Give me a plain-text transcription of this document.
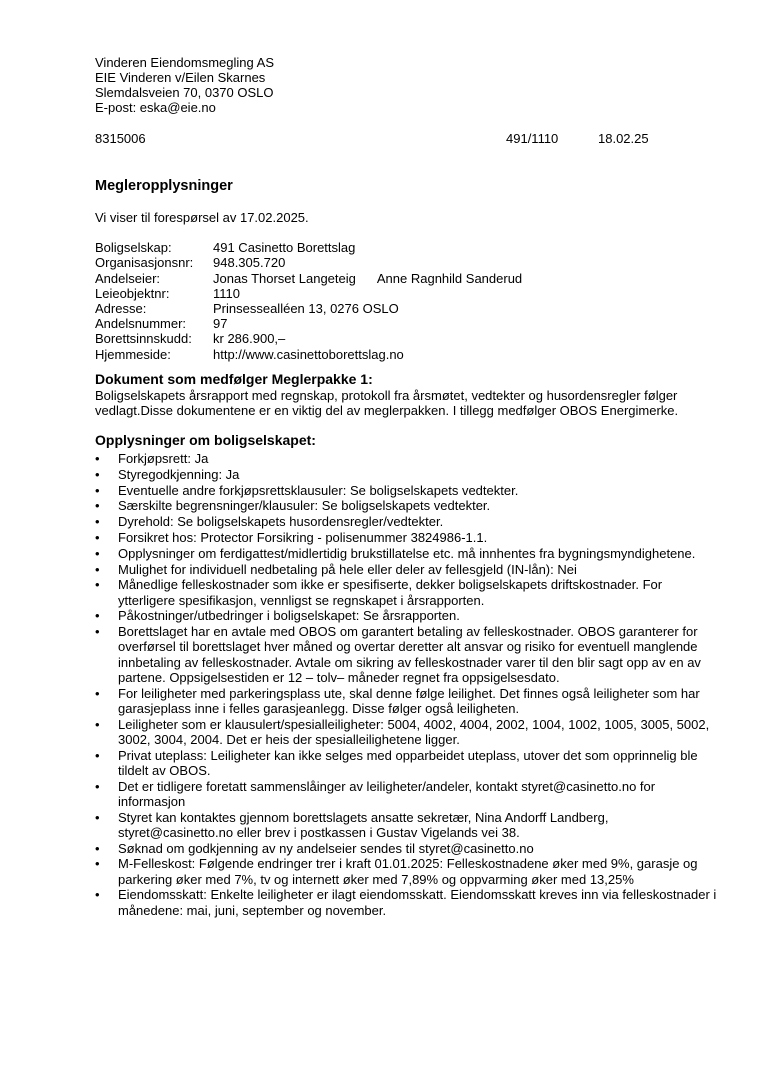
Vinderen Eiendomsmegling AS
EIE Vinderen v/Eilen Skarnes
Slemdalsveien 70, 0370 OSLO
E-post: eska@eie.no
8315006	491/1110	18.02.25
Megleropplysninger
Vi viser til forespørsel av 17.02.2025.
Boligselskap:	491 Casinetto Borettslag
Organisasjonsnr:	948.305.720
Andelseier:	Jonas Thorset Langeteig Anne Ragnhild Sanderud
Leieobjektnr:	1110
Adresse:	Prinsessealléen 13, 0276 OSLO
Andelsnummer:	97
Borettsinnskudd:	kr 286.900,–
Hjemmeside:	http://www.casinettoborettslag.no
Dokument som medfølger Meglerpakke 1:
Boligselskapets årsrapport med regnskap, protokoll fra årsmøtet, vedtekter og husordensregler følger
vedlagt.Disse dokumentene er en viktig del av meglerpakken. I tillegg medfølger OBOS Energimerke.
Opplysninger om boligselskapet:
• Forkjøpsrett: Ja
• Styregodkjenning: Ja
• Eventuelle andre forkjøpsrettsklausuler: Se boligselskapets vedtekter.
• Særskilte begrensninger/klausuler: Se boligselskapets vedtekter.
• Dyrehold: Se boligselskapets husordensregler/vedtekter.
• Forsikret hos: Protector Forsikring - polisenummer 3824986-1.1.
• Opplysninger om ferdigattest/midlertidig brukstillatelse etc. må innhentes fra bygningsmyndighetene.
• Mulighet for individuell nedbetaling på hele eller deler av fellesgjeld (IN-lån): Nei
• Månedlige felleskostnader som ikke er spesifiserte, dekker boligselskapets driftskostnader. For
ytterligere spesifikasjon, vennligst se regnskapet i årsrapporten.
• Påkostninger/utbedringer i boligselskapet: Se årsrapporten.
• Borettslaget har en avtale med OBOS om garantert betaling av felleskostnader. OBOS garanterer for
overførsel til borettslaget hver måned og overtar deretter alt ansvar og risiko for eventuell manglende
innbetaling av felleskostnader. Avtale om sikring av felleskostnader varer til den blir sagt opp av en av
partene. Oppsigelsestiden er 12 – tolv– måneder regnet fra oppsigelsesdato.
• For leiligheter med parkeringsplass ute, skal denne følge leilighet. Det finnes også leiligheter som har
garasjeplass inne i felles garasjeanlegg. Disse følger også leiligheten.
• Leiligheter som er klausulert/spesialleiligheter: 5004, 4002, 4004, 2002, 1004, 1002, 1005, 3005, 5002,
3002, 3004, 2004. Det er heis der spesialleilighetene ligger.
• Privat uteplass: Leiligheter kan ikke selges med opparbeidet uteplass, utover det som opprinnelig ble
tildelt av OBOS.
• Det er tidligere foretatt sammenslåinger av leiligheter/andeler, kontakt styret@casinetto.no for
informasjon
• Styret kan kontaktes gjennom borettslagets ansatte sekretær, Nina Andorff Landberg,
styret@casinetto.no eller brev i postkassen i Gustav Vigelands vei 38.
• Søknad om godkjenning av ny andelseier sendes til styret@casinetto.no
• M-Felleskost: Følgende endringer trer i kraft 01.01.2025: Felleskostnadene øker med 9%, garasje og
parkering øker med 7%, tv og internett øker med 7,89% og oppvarming øker med 13,25%
• Eiendomsskatt: Enkelte leiligheter er ilagt eiendomsskatt. Eiendomsskatt kreves inn via felleskostnader i
månedene: mai, juni, september og november.
